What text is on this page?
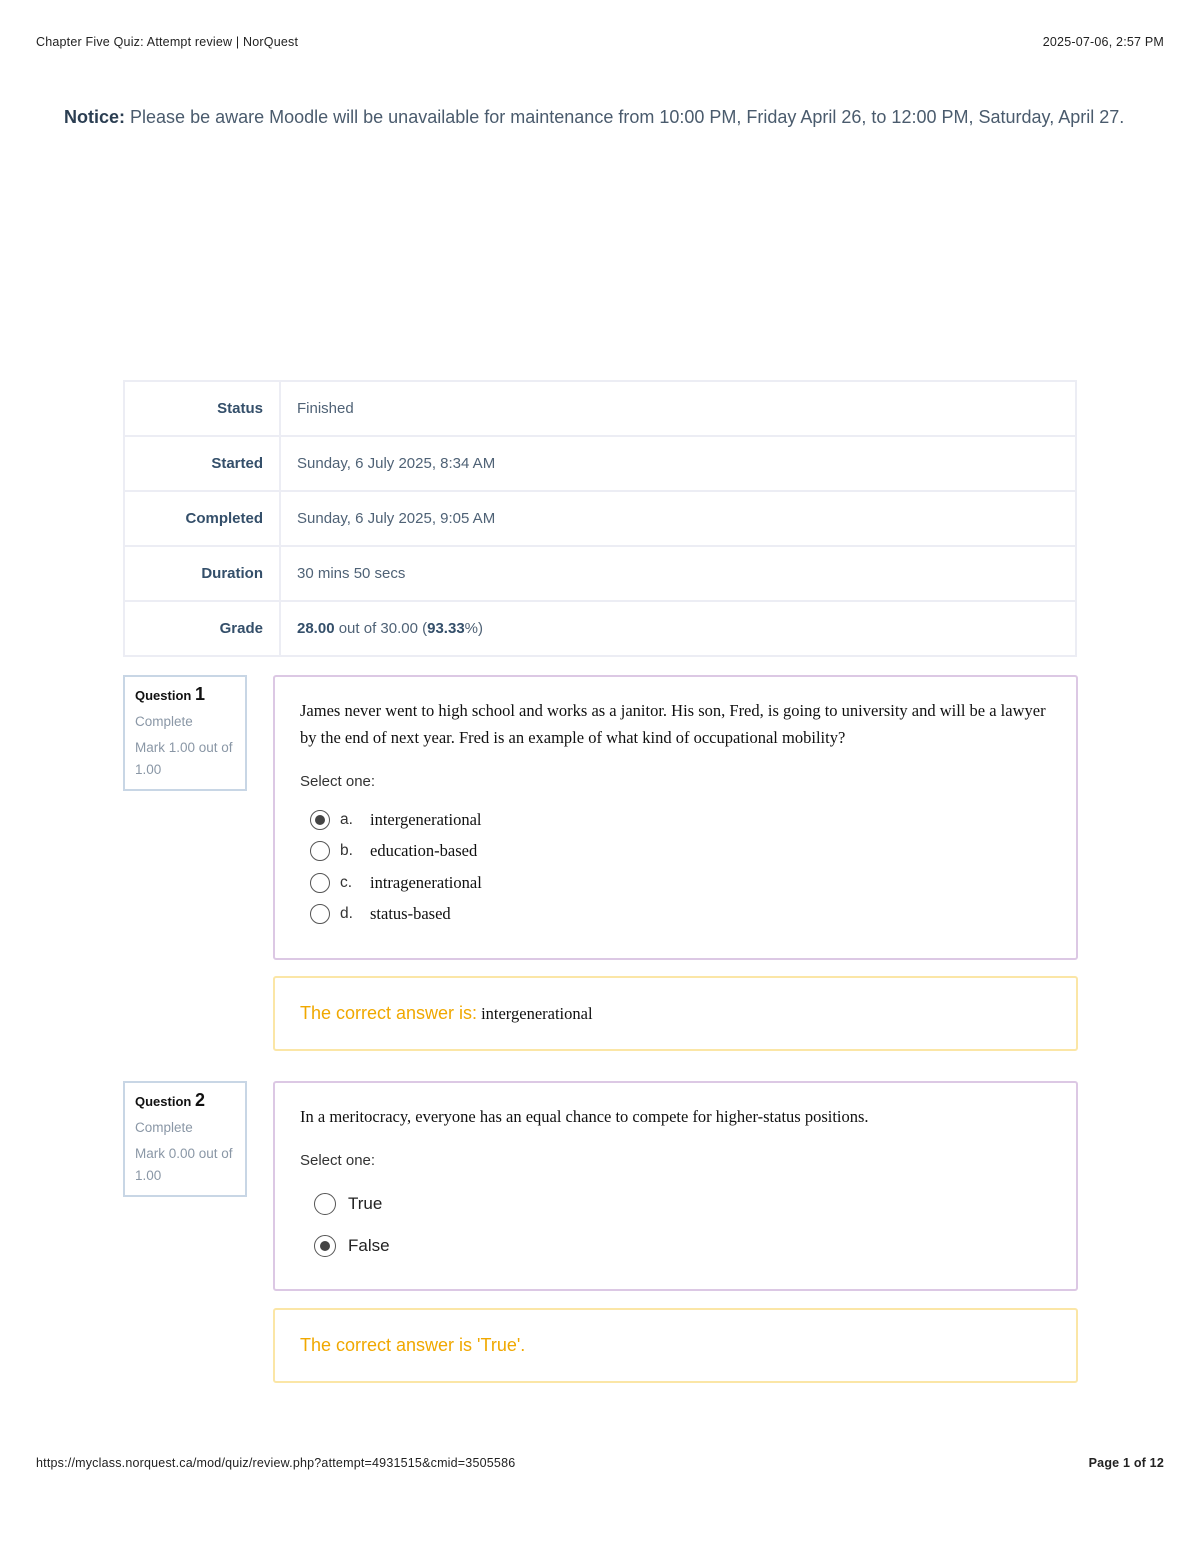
Chapter Five Quiz: Attempt review | NorQuest	2025-07-06, 2:57 PM
Notice: Please be aware Moodle will be unavailable for maintenance from 10:00 PM, Friday April 26, to 12:00 PM, Saturday, April 27.
Status	Finished
Started	Sunday, 6 July 2025, 8:34 AM
Completed	Sunday, 6 July 2025, 9:05 AM
Duration	30 mins 50 secs
Grade	28.00 out of 30.00 (93.33%)
Question 1
Complete
Mark 1.00 out of 1.00
James never went to high school and works as a janitor. His son, Fred, is going to university and will be a lawyer by the end of next year. Fred is an example of what kind of occupational mobility?
Select one:
a.	intergenerational
b.	education-based
c.	intragenerational
d.	status-based
The correct answer is: intergenerational
Question 2
Complete
Mark 0.00 out of 1.00
In a meritocracy, everyone has an equal chance to compete for higher-status positions.
Select one:
True
False
The correct answer is 'True'.
https://myclass.norquest.ca/mod/quiz/review.php?attempt=4931515&cmid=3505586	Page 1 of 12
